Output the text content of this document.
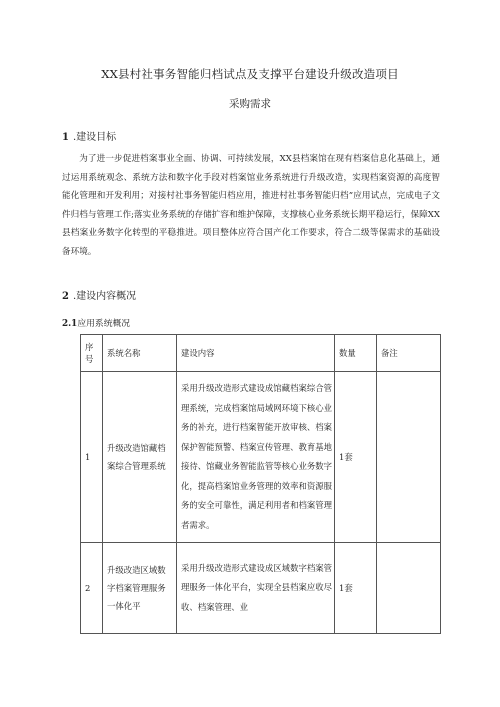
XX县村社事务智能归档试点及支撑平台建设升级改造项目
采购需求
1 .建设目标

为了进一步促进档案事业全面、协调、可持续发展，XX县档案馆在现有档案信息化基础上，通过运用系统观念、系统方法和数字化手段对档案馆业务系统进行升级改造，实现档案资源的高度智能化管理和开发利用；对接村社事务智能归档应用，推进村社事务智能归档”应用试点，完成电子文件归档与管理工作;落实业务系统的存储扩容和维护保障，支撑核心业务系统长期平稳运行，保障XX县档案业务数字化转型的平稳推进。项目整体应符合国产化工作要求，符合二级等保需求的基础设备环境。

2 .建设内容概况
2.1应用系统概况
序号	系统名称	建设内容	数量	备注
1	升级改造馆藏档案综合管理系统	采用升级改造形式建设成馆藏档案综合管理系统，完成档案馆局域网环境下核心业务的补充，进行档案智能开放审核、档案保护智能预警、档案宣传管理、教育基地接待、馆藏业务智能监管等核心业务数字化，提高档案馆业务管理的效率和资源服务的安全可靠性，满足利用者和档案管理者需求。	1套	
2	升级改造区域数字档案管理服务一体化平	采用升级改造形式建设成区域数字档案管理服务一体化平台，实现全县档案应收尽收、档案管理、业	1套	
